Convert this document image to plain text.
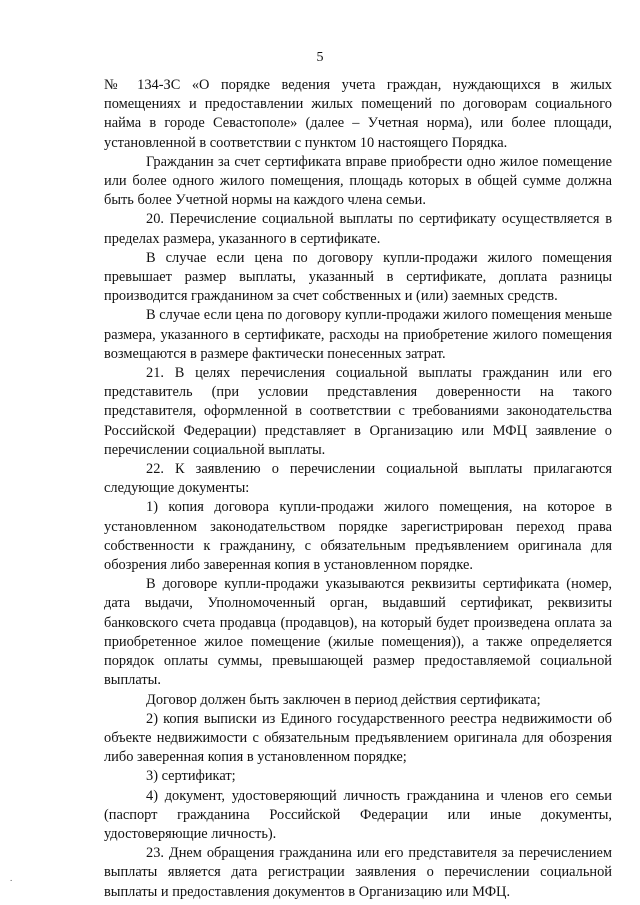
5

№ 134-ЗС «О порядке ведения учета граждан, нуждающихся в жилых помещениях и предоставлении жилых помещений по договорам социального найма в городе Севастополе» (далее – Учетная норма), или более площади, установленной в соответствии с пунктом 10 настоящего Порядка.

Гражданин за счет сертификата вправе приобрести одно жилое помещение или более одного жилого помещения, площадь которых в общей сумме должна быть более Учетной нормы на каждого члена семьи.

20. Перечисление социальной выплаты по сертификату осуществляется в пределах размера, указанного в сертификате.

В случае если цена по договору купли-продажи жилого помещения превышает размер выплаты, указанный в сертификате, доплата разницы производится гражданином за счет собственных и (или) заемных средств.

В случае если цена по договору купли-продажи жилого помещения меньше размера, указанного в сертификате, расходы на приобретение жилого помещения возмещаются в размере фактически понесенных затрат.

21. В целях перечисления социальной выплаты гражданин или его представитель (при условии представления доверенности на такого представителя, оформленной в соответствии с требованиями законодательства Российской Федерации) представляет в Организацию или МФЦ заявление о перечислении социальной выплаты.

22. К заявлению о перечислении социальной выплаты прилагаются следующие документы:

1) копия договора купли-продажи жилого помещения, на которое в установленном законодательством порядке зарегистрирован переход права собственности к гражданину, с обязательным предъявлением оригинала для обозрения либо заверенная копия в установленном порядке.

В договоре купли-продажи указываются реквизиты сертификата (номер, дата выдачи, Уполномоченный орган, выдавший сертификат, реквизиты банковского счета продавца (продавцов), на который будет произведена оплата за приобретенное жилое помещение (жилые помещения)), а также определяется порядок оплаты суммы, превышающей размер предоставляемой социальной выплаты.

Договор должен быть заключен в период действия сертификата;

2) копия выписки из Единого государственного реестра недвижимости об объекте недвижимости с обязательным предъявлением оригинала для обозрения либо заверенная копия в установленном порядке;

3) сертификат;

4) документ, удостоверяющий личность гражданина и членов его семьи (паспорт гражданина Российской Федерации или иные документы, удостоверяющие личность).

23. Днем обращения гражданина или его представителя за перечислением выплаты является дата регистрации заявления о перечислении социальной выплаты и предоставления документов в Организацию или МФЦ.

.
